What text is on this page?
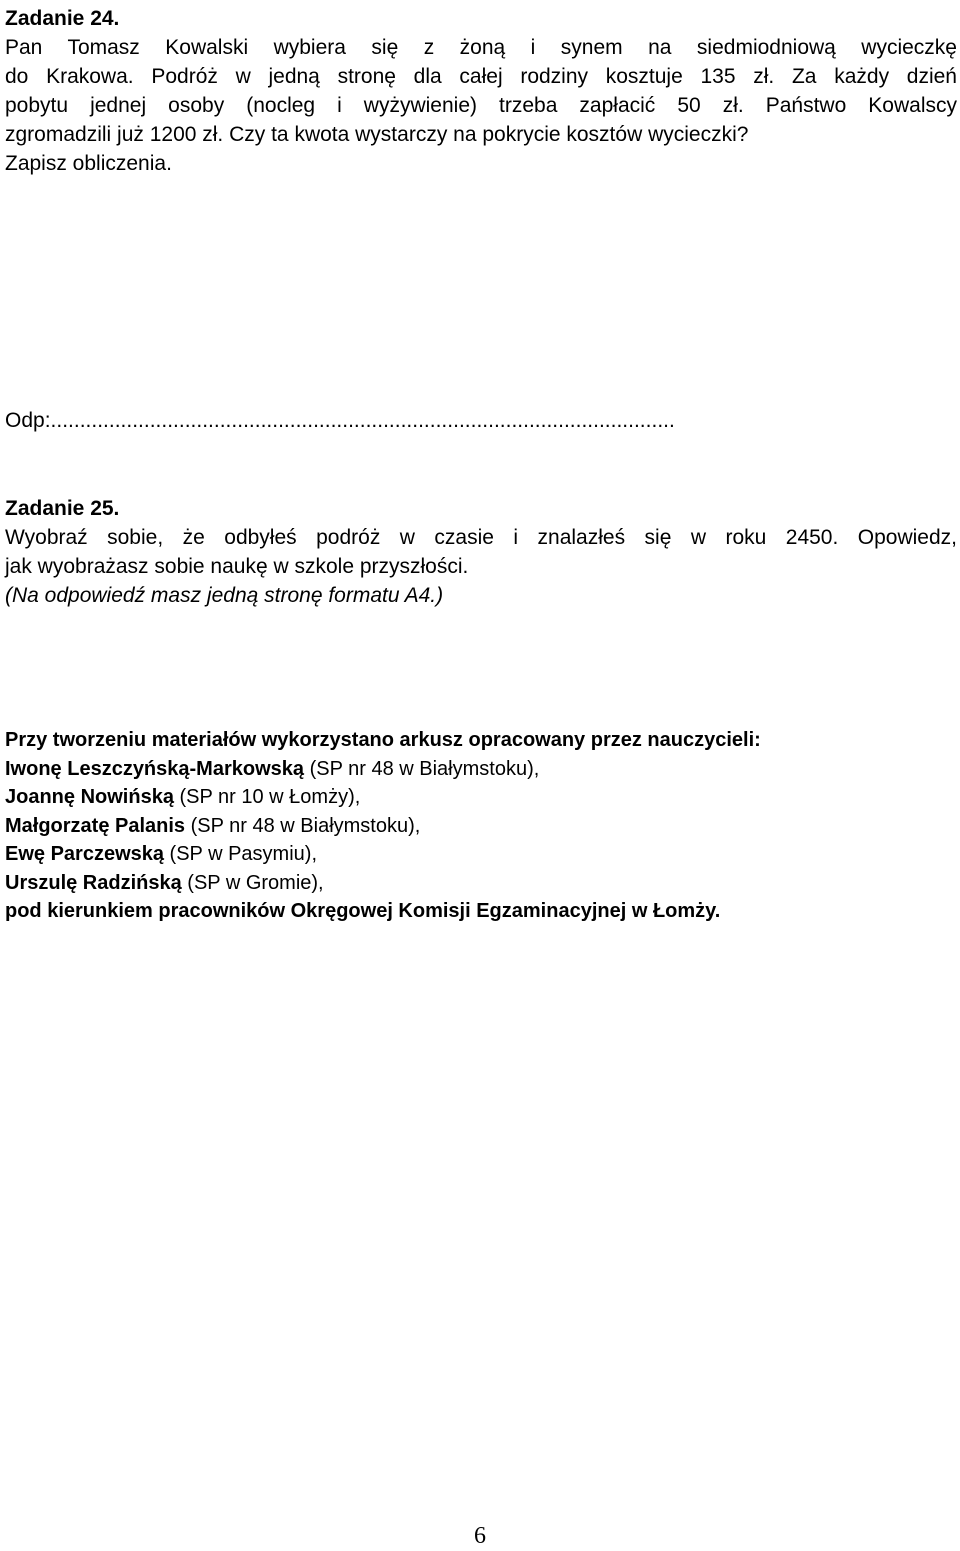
Zadanie 24.
Pan Tomasz Kowalski wybiera się z żoną i synem na siedmiodniową wycieczkę
do Krakowa. Podróż w jedną stronę dla całej rodziny kosztuje 135 zł. Za każdy dzień
pobytu jednej osoby (nocleg i wyżywienie) trzeba zapłacić 50 zł. Państwo Kowalscy
zgromadzili już 1200 zł. Czy ta kwota wystarczy na pokrycie kosztów wycieczki?
Zapisz obliczenia.
Odp:...........................................................................................................
Zadanie 25.
Wyobraź sobie, że odbyłeś podróż w czasie i znalazłeś się w roku 2450. Opowiedz,
jak wyobrażasz sobie naukę w szkole przyszłości.
(Na odpowiedź masz jedną stronę formatu A4.)
Przy tworzeniu materiałów wykorzystano arkusz opracowany przez nauczycieli:
Iwonę Leszczyńską-Markowską (SP nr 48 w Białymstoku),
Joannę Nowińską (SP nr 10 w Łomży),
Małgorzatę Palanis (SP nr 48 w Białymstoku),
Ewę Parczewską (SP w Pasymiu),
Urszulę Radzińską (SP w Gromie),
pod kierunkiem pracowników Okręgowej Komisji Egzaminacyjnej w Łomży.
6
